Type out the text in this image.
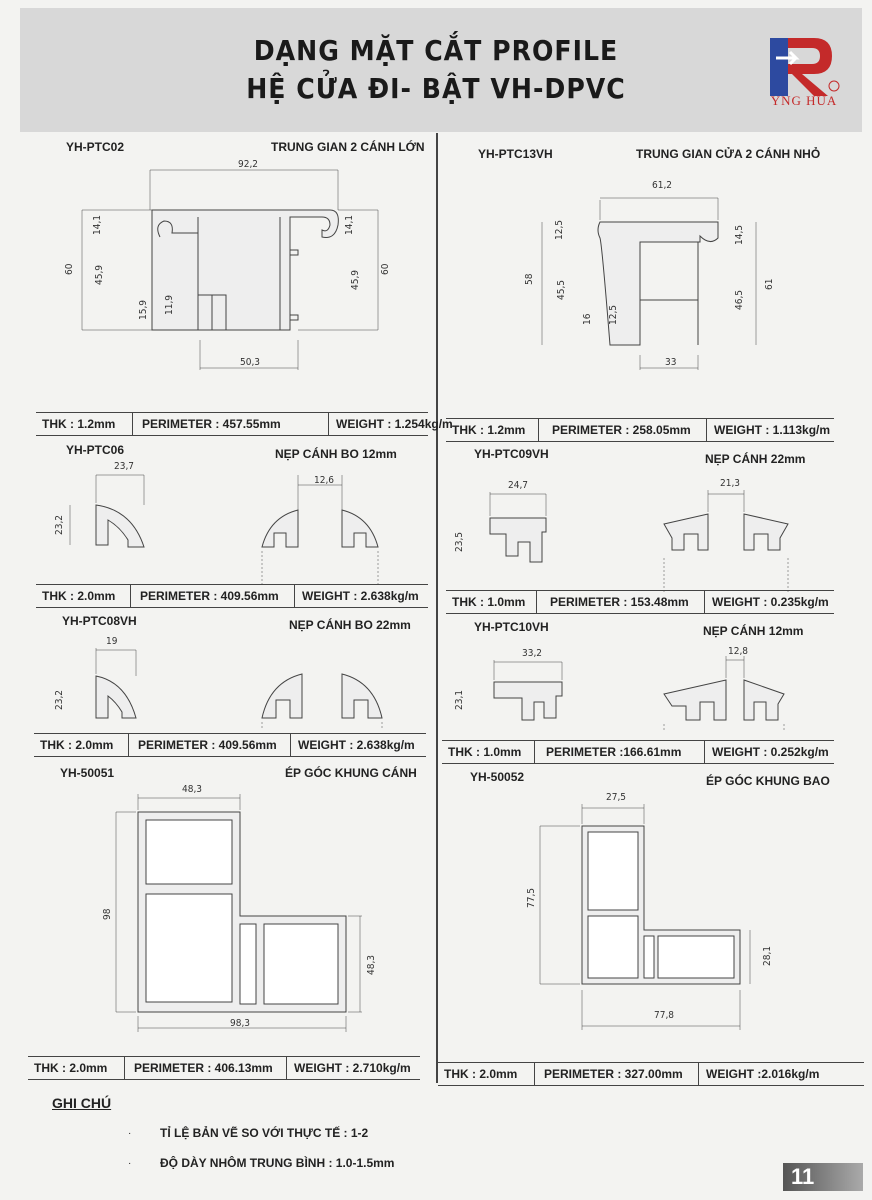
DẠNG MẶT CẮT PROFILE
HỆ CỬA ĐI- BẬT VH-DPVC	YNG HUA
YH-PTC02	TRUNG GIAN 2 CÁNH LỚN	YH-PTC13VH	TRUNG GIAN CỬA 2 CÁNH NHỎ
92,2
14,1	14,1
60 45,9	45,9
60
15,9 11,9
50,3
61,2
12,5	14,5
58
45,5	46,5
61
16 12,5
33
THK : 1.2mm	PERIMETER : 457.55mm	WEIGHT : 1.254kg/m THK : 1.2mm	PERIMETER : 258.05mm	WEIGHT : 1.113kg/m
YH-PTC06	NẸP CÁNH BO 12mm	YH-PTC09VH	NẸP CÁNH 22mm
23,7
23,2
12,6	24,7
23,5
21,3
THK : 2.0mm	PERIMETER : 409.56mm	WEIGHT : 2.638kg/m	THK : 1.0mm	PERIMETER : 153.48mm	WEIGHT : 0.235kg/m
YH-PTC08VH	NẸP CÁNH BO 22mm	YH-PTC10VH	NẸP CÁNH 12mm
19
23,2
33,2
23,1
12,8
THK : 2.0mm	PERIMETER : 409.56mm	WEIGHT : 2.638kg/m	THK : 1.0mm	PERIMETER :166.61mm	WEIGHT : 0.252kg/m
YH-50051	ÉP GÓC KHUNG CÁNH	YH-50052	ÉP GÓC KHUNG BAO
48,3
98
48,3
98,3
27,5
77,5
28,1
77,8
THK : 2.0mm	PERIMETER : 406.13mm	WEIGHT : 2.710kg/m	THK : 2.0mm	PERIMETER : 327.00mm	WEIGHT :2.016kg/m
GHI CHÚ
· TỈ LỆ BẢN VẼ SO VỚI THỰC TẾ : 1-2
· ĐỘ DÀY NHÔM TRUNG BÌNH : 1.0-1.5mm
11
